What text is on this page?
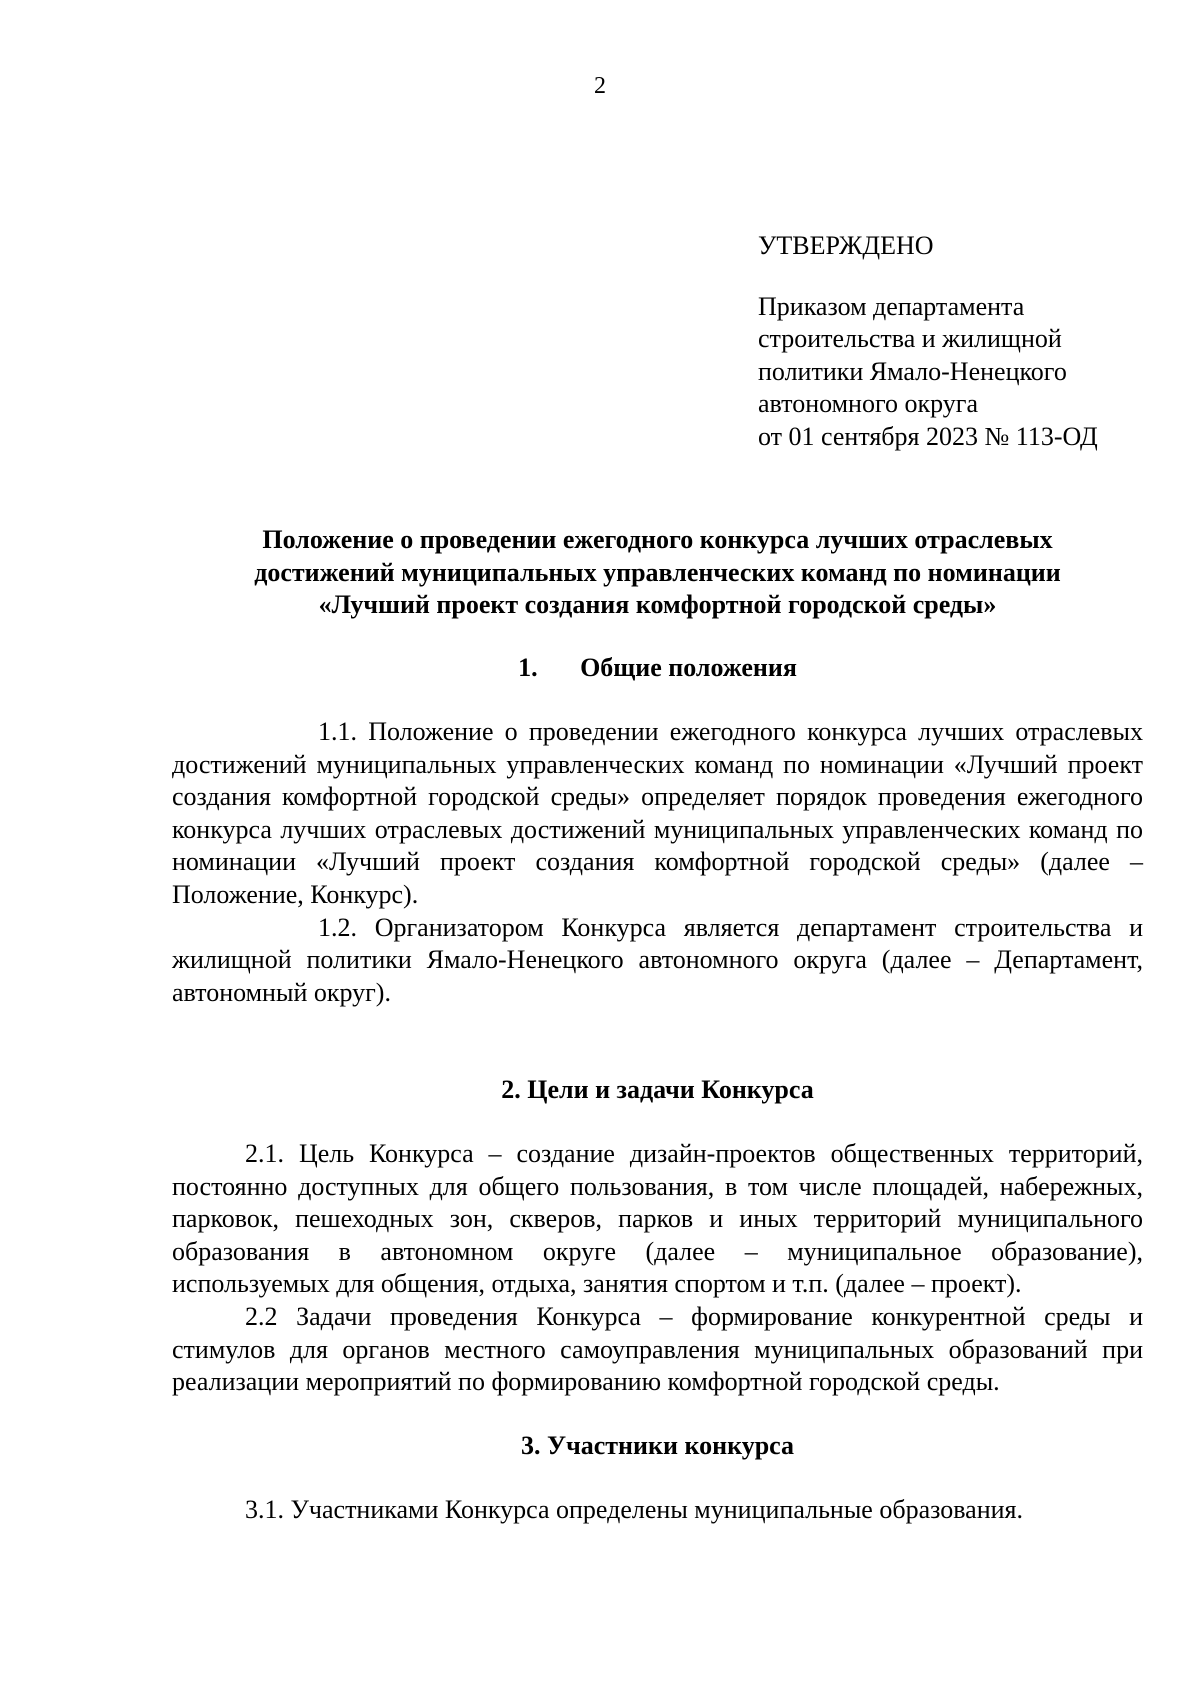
2
УТВЕРЖДЕНО
Приказом департамента
строительства и жилищной
политики Ямало-Ненецкого
автономного округа
от 01 сентября 2023 № 113-ОД
Положение о проведении ежегодного конкурса лучших отраслевых
достижений муниципальных управленческих команд по номинации
«Лучший проект создания комфортной городской среды»
1. Общие положения

1.1. Положение о проведении ежегодного конкурса лучших отраслевых достижений муниципальных управленческих команд по номинации «Лучший проект создания комфортной городской среды» определяет порядок проведения ежегодного конкурса лучших отраслевых достижений муниципальных управленческих команд по номинации «Лучший проект создания комфортной городской среды» (далее – Положение, Конкурс).

1.2. Организатором Конкурса является департамент строительства и жилищной политики Ямало-Ненецкого автономного округа (далее – Департамент, автономный округ).

2. Цели и задачи Конкурса

2.1. Цель Конкурса – создание дизайн-проектов общественных территорий, постоянно доступных для общего пользования, в том числе площадей, набережных, парковок, пешеходных зон, скверов, парков и иных территорий муниципального образования в автономном округе (далее – муниципальное образование), используемых для общения, отдыха, занятия спортом и т.п. (далее – проект).

2.2 Задачи проведения Конкурса – формирование конкурентной среды и стимулов для органов местного самоуправления муниципальных образований при реализации мероприятий по формированию комфортной городской среды.

3. Участники конкурса

3.1. Участниками Конкурса определены муниципальные образования.
